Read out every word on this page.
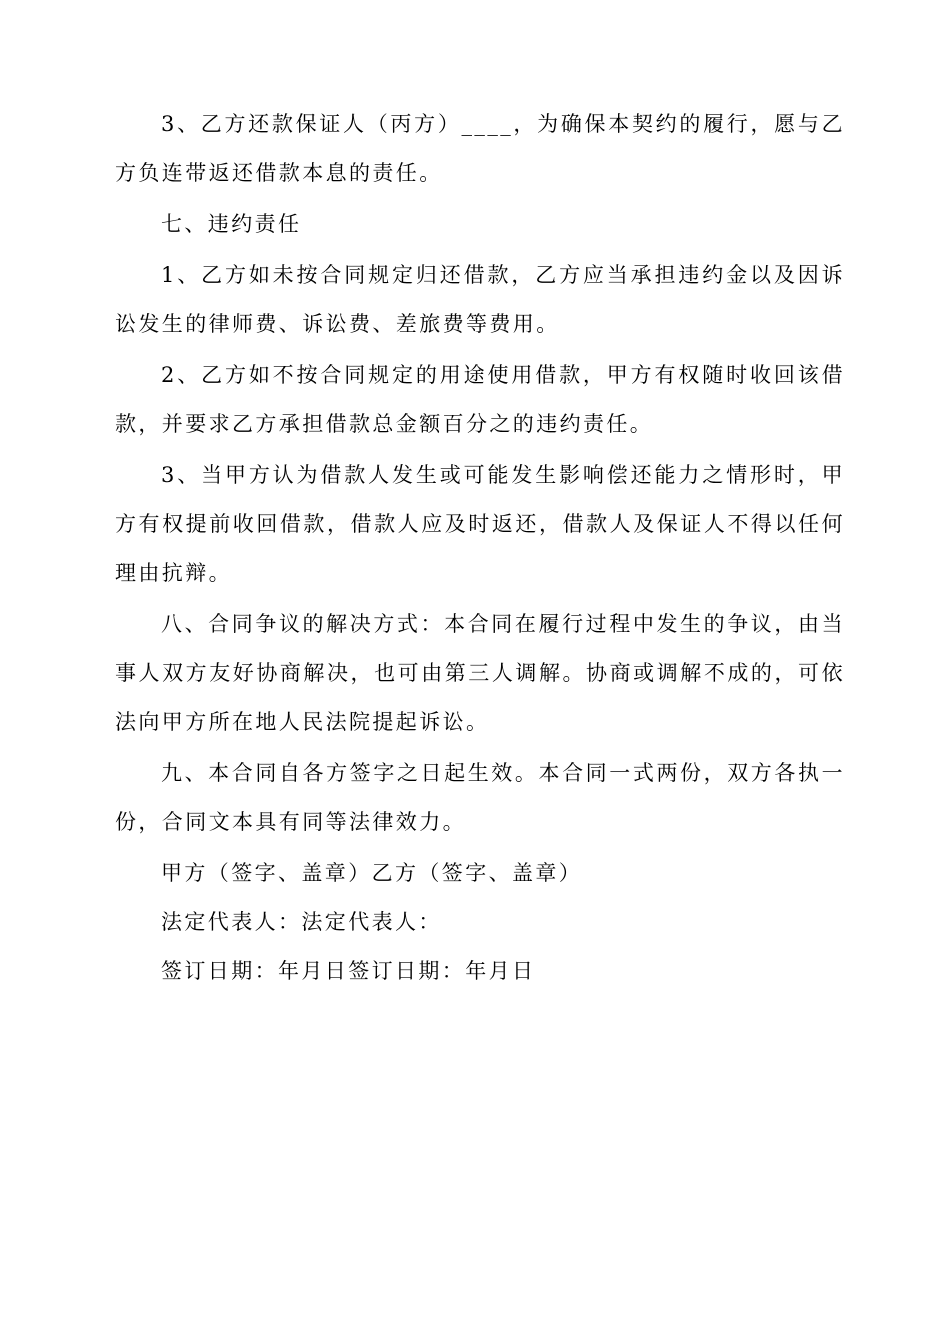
3、乙方还款保证人（丙方）____，为确保本契约的履行，愿与乙方负连带返还借款本息的责任。

七、违约责任

1、乙方如未按合同规定归还借款，乙方应当承担违约金以及因诉讼发生的律师费、诉讼费、差旅费等费用。

2、乙方如不按合同规定的用途使用借款，甲方有权随时收回该借款，并要求乙方承担借款总金额百分之的违约责任。

3、当甲方认为借款人发生或可能发生影响偿还能力之情形时，甲方有权提前收回借款，借款人应及时返还，借款人及保证人不得以任何理由抗辩。

八、合同争议的解决方式：本合同在履行过程中发生的争议，由当事人双方友好协商解决，也可由第三人调解。协商或调解不成的，可依法向甲方所在地人民法院提起诉讼。

九、本合同自各方签字之日起生效。本合同一式两份，双方各执一份，合同文本具有同等法律效力。

甲方（签字、盖章）乙方（签字、盖章）

法定代表人：法定代表人：

签订日期：年月日签订日期：年月日
